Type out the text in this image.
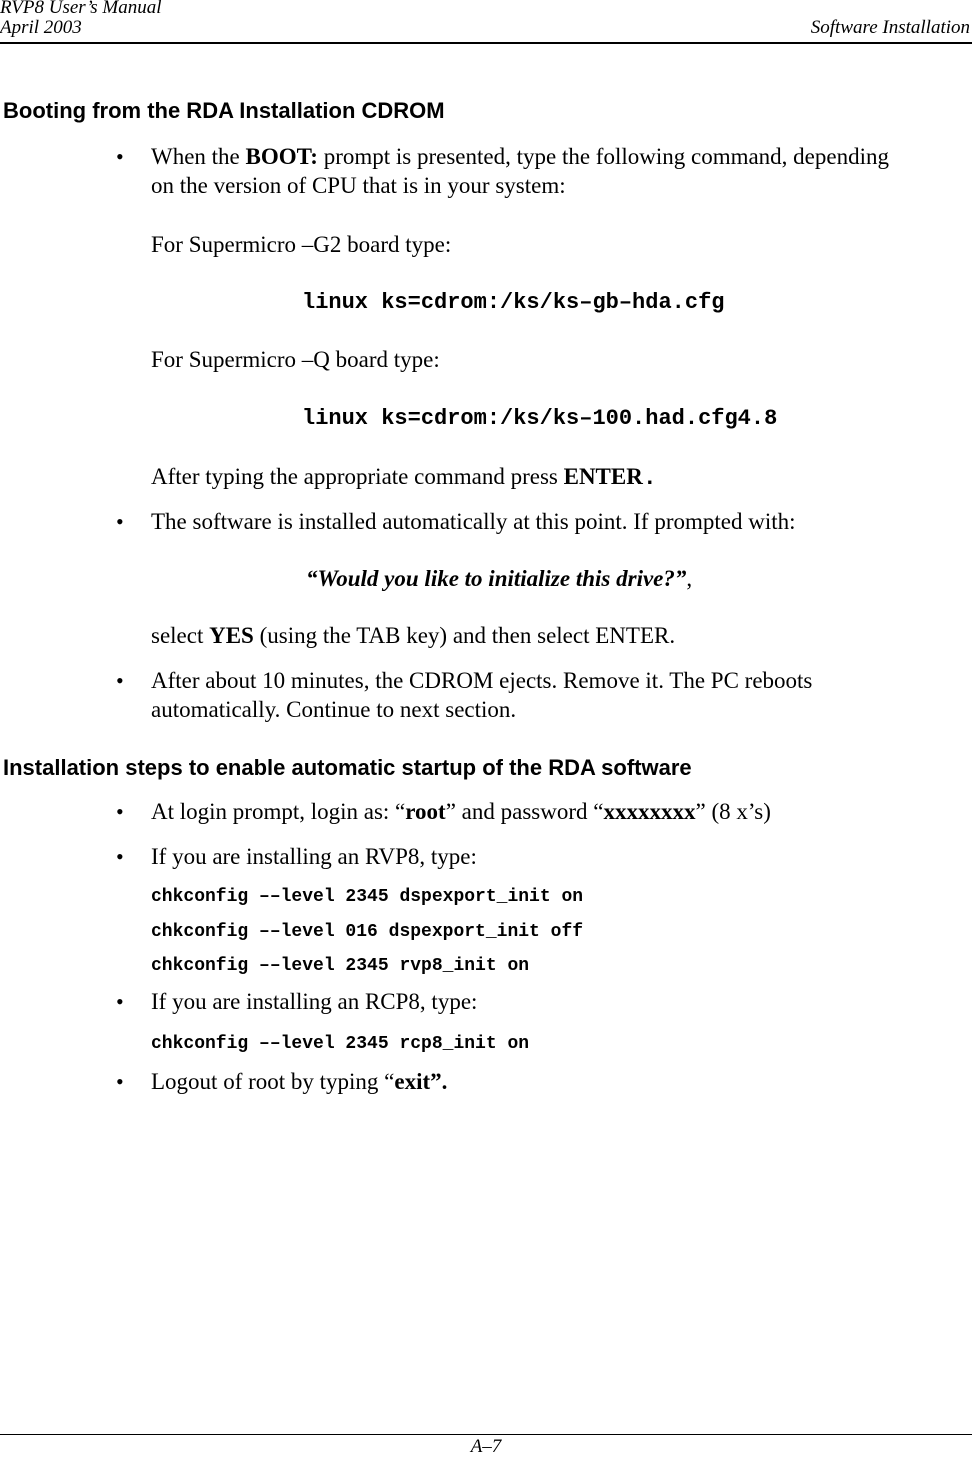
RVP8 User’s Manual
April 2003	Software Installation
Booting from the RDA Installation CDROM
• When the BOOT: prompt is presented, type the following command, depending
on the version of CPU that is in your system:
For Supermicro –G2 board type:
linux ks=cdrom:/ks/ks–gb–hda.cfg
For Supermicro –Q board type:
linux ks=cdrom:/ks/ks–100.had.cfg4.8
After typing the appropriate command press ENTER.
• The software is installed automatically at this point. If prompted with:
“Would you like to initialize this drive?”,
select YES (using the TAB key) and then select ENTER.
• After about 10 minutes, the CDROM ejects. Remove it. The PC reboots
automatically. Continue to next section.
Installation steps to enable automatic startup of the RDA software
• At login prompt, login as: “root” and password “xxxxxxxx” (8 x’s)
• If you are installing an RVP8, type:
chkconfig ––level 2345 dspexport_init on
chkconfig ––level 016 dspexport_init off
chkconfig ––level 2345 rvp8_init on
• If you are installing an RCP8, type:
chkconfig ––level 2345 rcp8_init on
• Logout of root by typing “exit”.
A–7
